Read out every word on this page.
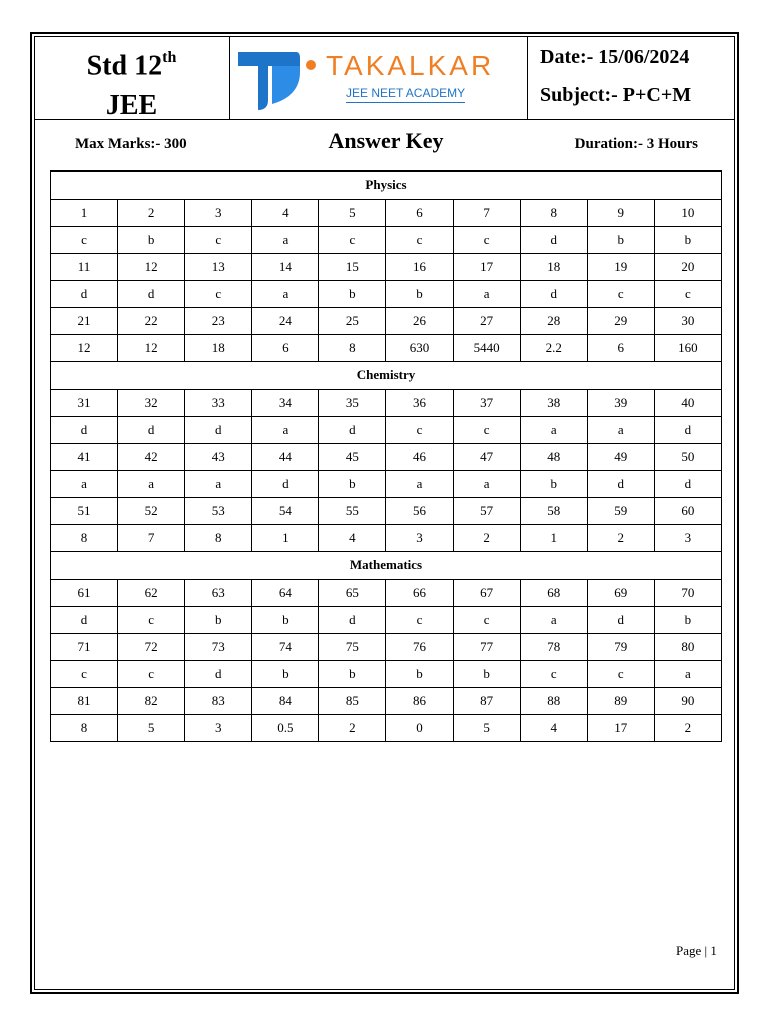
Std 12th
JEE
TAKALKAR
JEE NEET ACADEMY
Date:- 15/06/2024
Subject:- P+C+M
Max Marks:- 300	Answer Key	Duration:- 3 Hours
Physics									
1	2	3	4	5	6	7	8	9	10
c	b	c	a	c	c	c	d	b	b
11	12	13	14	15	16	17	18	19	20
d	d	c	a	b	b	a	d	c	c
21	22	23	24	25	26	27	28	29	30
12	12	18	6	8	630	5440	2.2	6	160
Chemistry									
31	32	33	34	35	36	37	38	39	40
d	d	d	a	d	c	c	a	a	d
41	42	43	44	45	46	47	48	49	50
a	a	a	d	b	a	a	b	d	d
51	52	53	54	55	56	57	58	59	60
8	7	8	1	4	3	2	1	2	3
Mathematics									
61	62	63	64	65	66	67	68	69	70
d	c	b	b	d	c	c	a	d	b
71	72	73	74	75	76	77	78	79	80
c	c	d	b	b	b	b	c	c	a
81	82	83	84	85	86	87	88	89	90
8	5	3	0.5	2	0	5	4	17	2
Page | 1
